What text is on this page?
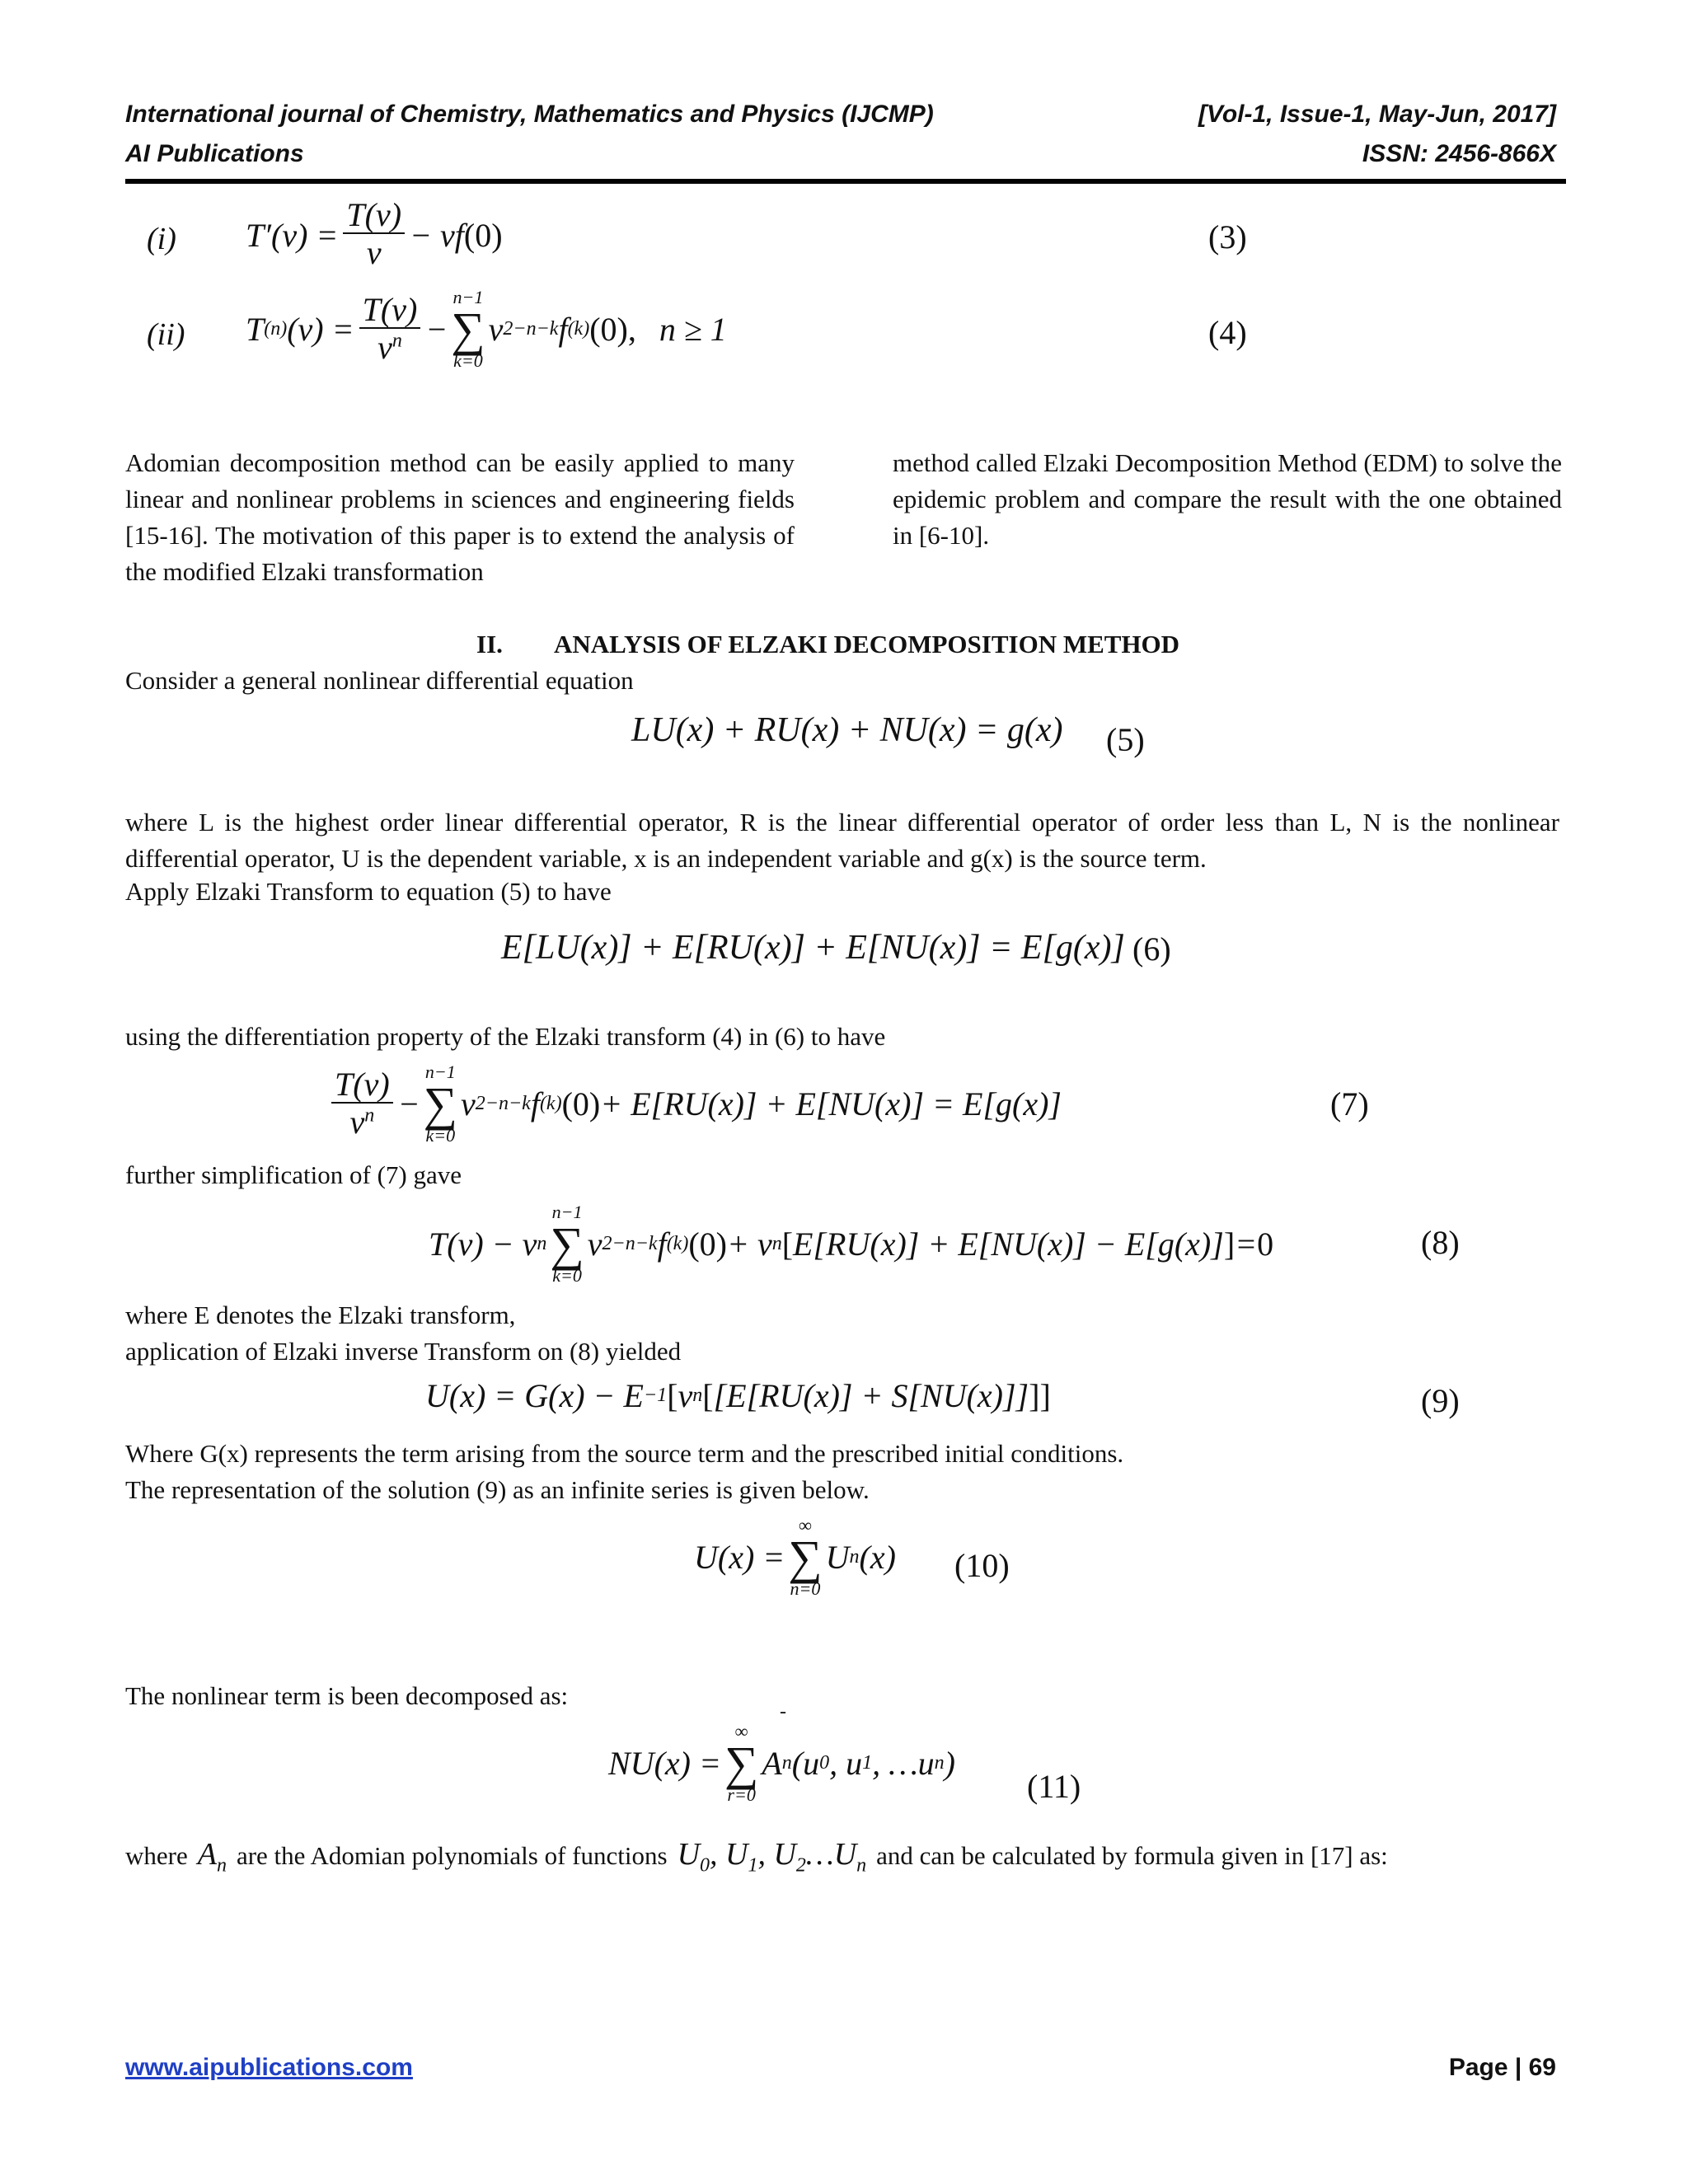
International journal of Chemistry, Mathematics and Physics (IJCMP)	[Vol-1, Issue-1, May-Jun, 2017]
AI Publications	ISSN: 2456-866X
(i) $T'(v) = \frac{T(v)}{v}$ − vf (0)	(3)
(ii) T (n) $(v) = \frac{T(v)}{v^n}$ −
n−1
∑
k=0
v 2−n−k f (k) (0), n ≥ 1	(4)
Adomian decomposition method can be easily applied to many linear and nonlinear problems in sciences and engineering fields [15-16]. The motivation of this paper is to extend the analysis of the modified Elzaki transformation
method called Elzaki Decomposition Method (EDM) to solve the epidemic problem and compare the result with the one obtained in [6-10].
II. ANALYSIS OF ELZAKI DECOMPOSITION METHOD
Consider a general nonlinear differential equation
LU(x) + RU(x) + NU(x) = g(x) (5)
where L is the highest order linear differential operator, R is the linear differential operator of order less than L, N is the nonlinear differential operator, U is the dependent variable, x is an independent variable and g(x) is the source term.
Apply Elzaki Transform to equation (5) to have
E[LU(x)] + E[RU(x)] + E[NU(x)] = E[g(x)] (6)
using the differentiation property of the Elzaki transform (4) in (6) to have
$\frac{T(v)}{v^n}$ −
n−1
∑
k=0
v 2−n−k f (k) (0) + E[RU(x)] + E[NU(x)] = E[g(x)]	(7)
further simplification of (7) gave
T(v) − v n
n−1
∑
k=0
v 2−n−k f (k) (0) + v n [ E[RU(x)] + E[NU(x)] − E[g(x)] ] = 0	(8)
where E denotes the Elzaki transform,
application of Elzaki inverse Transform on (8) yielded
U(x) = G(x) − E −1 [ v n [ [E[RU(x)] + S[NU(x)]] ] ]	(9)
Where G(x) represents the term arising from the source term and the prescribed initial conditions.
The representation of the solution (9) as an infinite series is given below.
U(x) =
∞
∑
n=0
U n (x) (10)
The nonlinear term is been decomposed as:
-
NU(x) =
∞
∑
r=0
A n (u 0 , u 1 , …u n )
(11)
where $A_n$ are the Adomian polynomials of functions $U_0$, $U_1$, $U_2\dots U_n$ and can be calculated by formula given in [17] as:
www.aipublications.com	Page | 69
